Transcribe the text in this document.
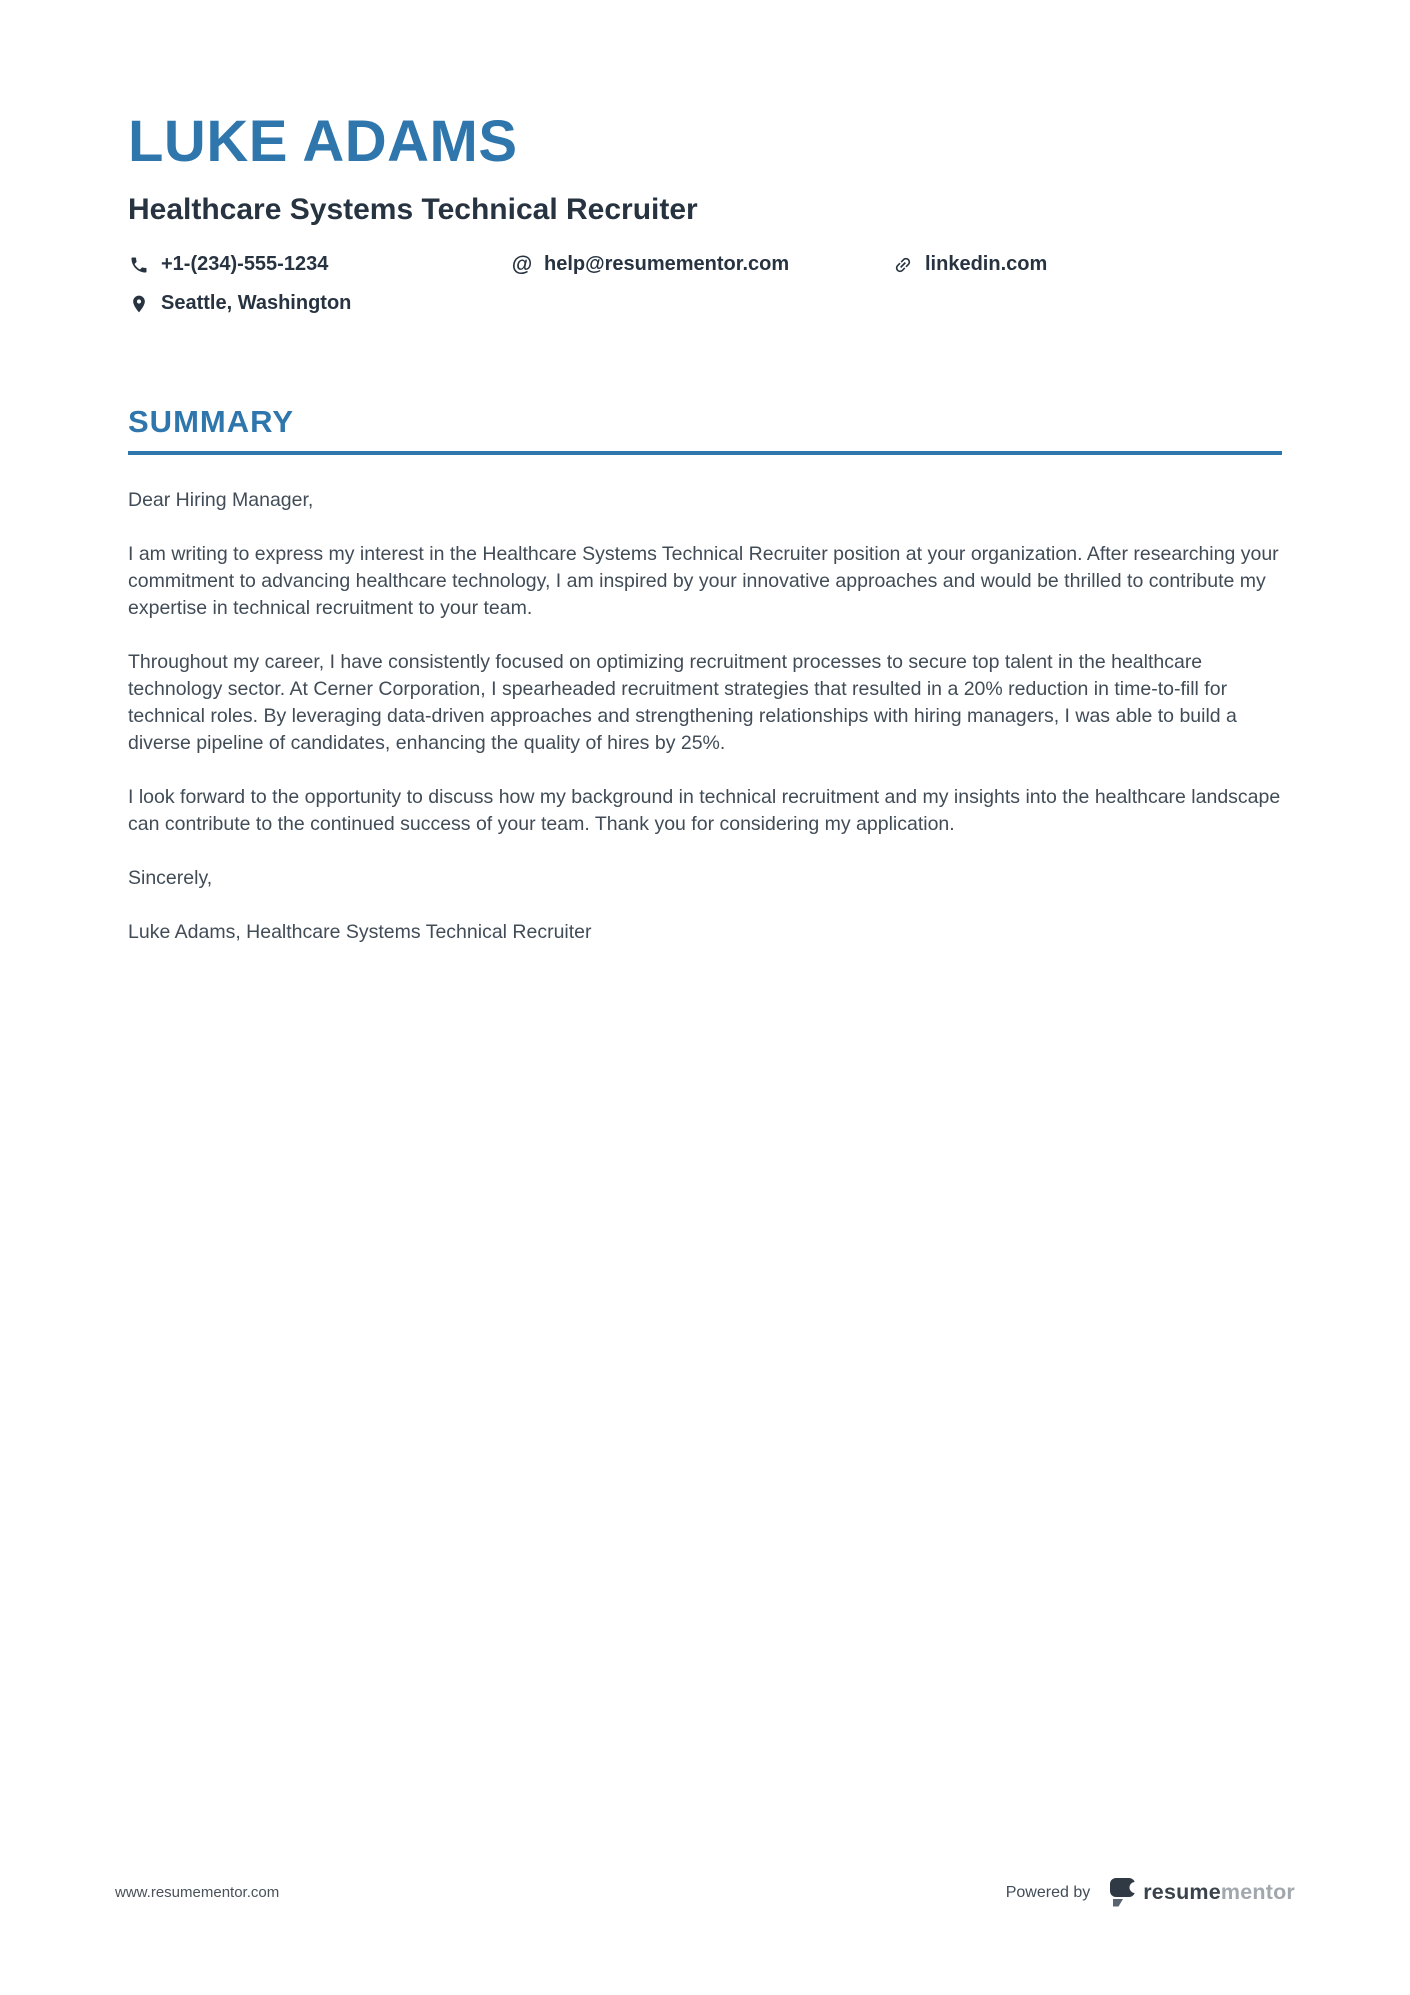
LUKE ADAMS
Healthcare Systems Technical Recruiter
+1-(234)-555-1234	@ help@resumementor.com	linkedin.com
Seattle, Washington
SUMMARY

Dear Hiring Manager,

I am writing to express my interest in the Healthcare Systems Technical Recruiter position at your organization. After researching your commitment to advancing healthcare technology, I am inspired by your innovative approaches and would be thrilled to contribute my expertise in technical recruitment to your team.

Throughout my career, I have consistently focused on optimizing recruitment processes to secure top talent in the healthcare technology sector. At Cerner Corporation, I spearheaded recruitment strategies that resulted in a 20% reduction in time-to-fill for technical roles. By leveraging data-driven approaches and strengthening relationships with hiring managers, I was able to build a diverse pipeline of candidates, enhancing the quality of hires by 25%.

I look forward to the opportunity to discuss how my background in technical recruitment and my insights into the healthcare landscape can contribute to the continued success of your team. Thank you for considering my application.

Sincerely,

Luke Adams, Healthcare Systems Technical Recruiter

www.resumementor.com	Powered by resumementor
